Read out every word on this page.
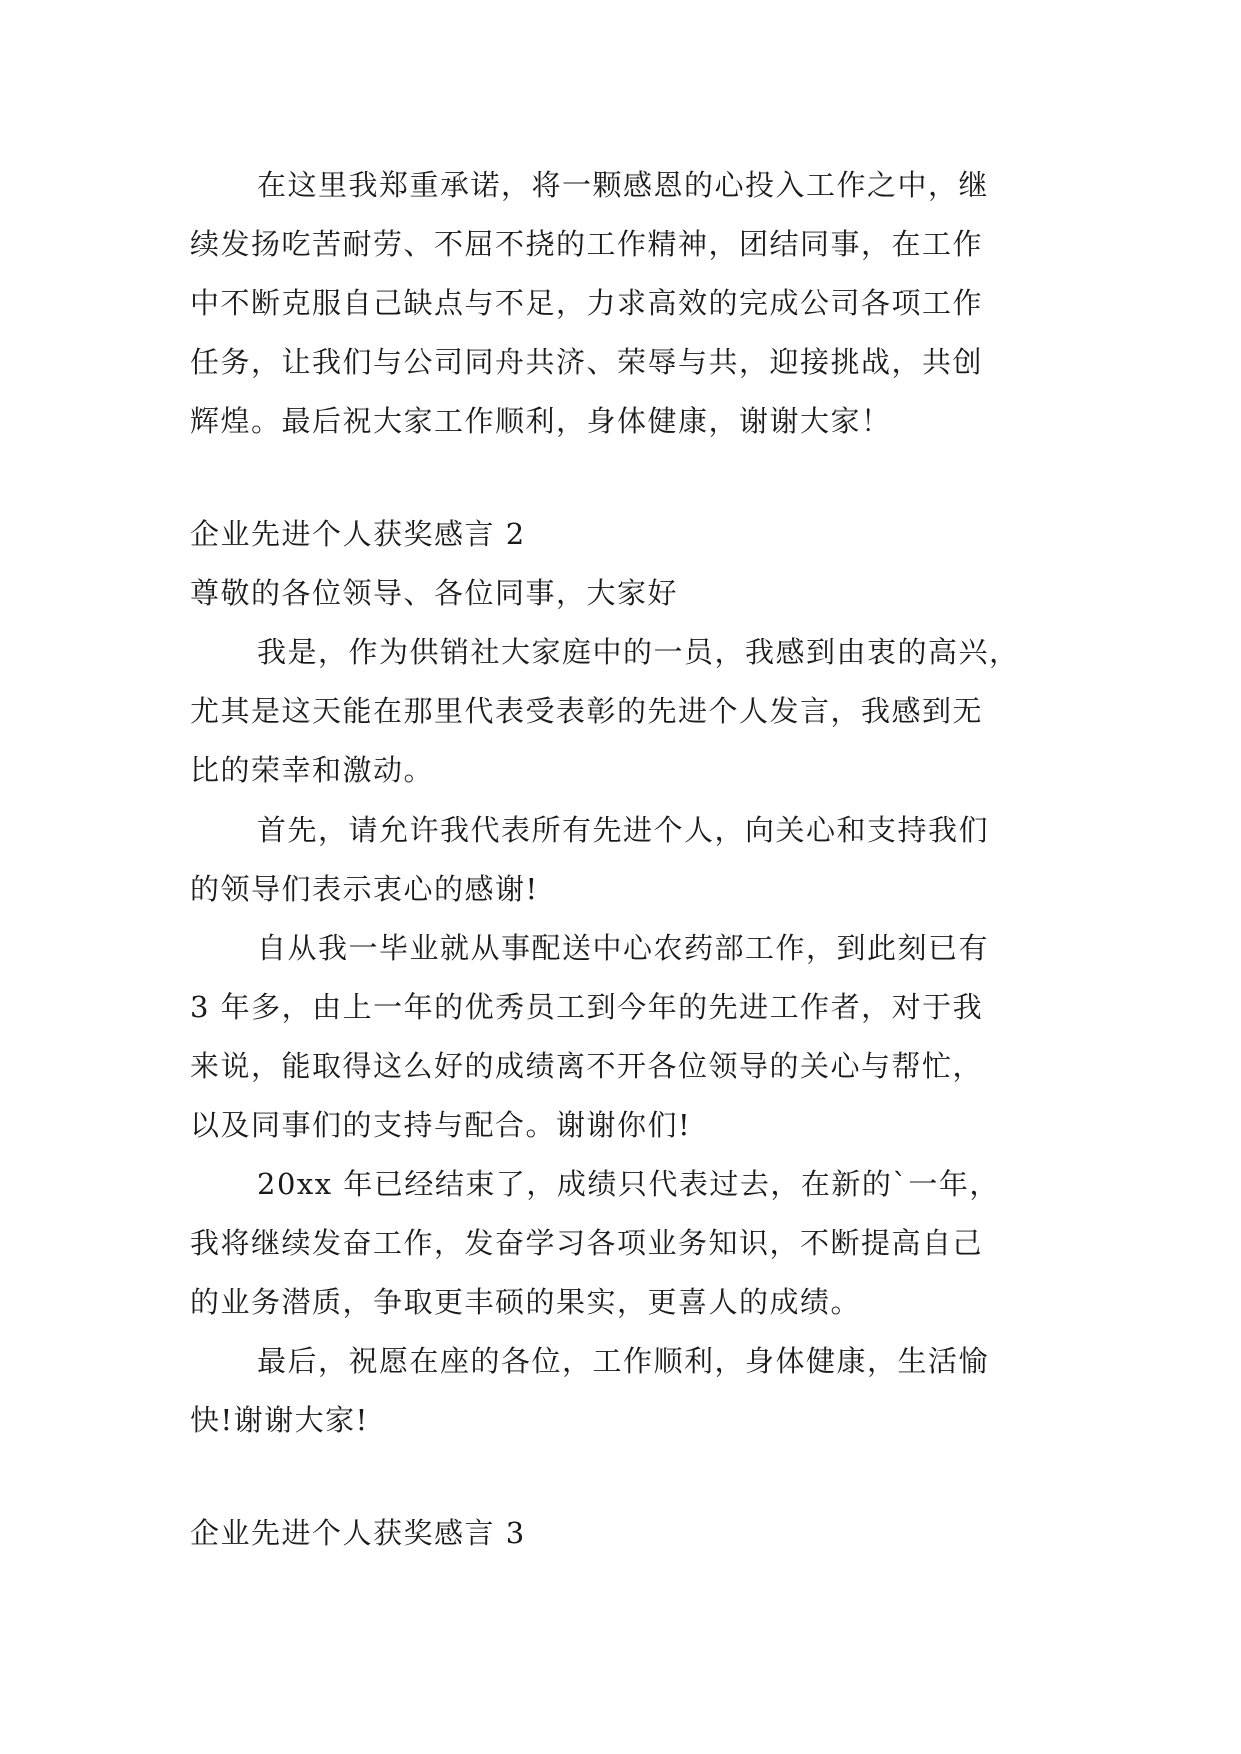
在这里我郑重承诺，将一颗感恩的心投入工作之中，继
续发扬吃苦耐劳、不屈不挠的工作精神，团结同事，在工作
中不断克服自己缺点与不足，力求高效的完成公司各项工作
任务，让我们与公司同舟共济、荣辱与共，迎接挑战，共创
辉煌。最后祝大家工作顺利，身体健康，谢谢大家！
企业先进个人获奖感言 2
尊敬的各位领导、各位同事，大家好
我是，作为供销社大家庭中的一员，我感到由衷的高兴，
尤其是这天能在那里代表受表彰的先进个人发言，我感到无
比的荣幸和激动。
首先，请允许我代表所有先进个人，向关心和支持我们
的领导们表示衷心的感谢!
自从我一毕业就从事配送中心农药部工作，到此刻已有
3 年多，由上一年的优秀员工到今年的先进工作者，对于我
来说，能取得这么好的成绩离不开各位领导的关心与帮忙，
以及同事们的支持与配合。谢谢你们!
20xx 年已经结束了，成绩只代表过去，在新的`一年，
我将继续发奋工作，发奋学习各项业务知识，不断提高自己
的业务潜质，争取更丰硕的果实，更喜人的成绩。
最后，祝愿在座的各位，工作顺利，身体健康，生活愉
快!谢谢大家!
企业先进个人获奖感言 3
